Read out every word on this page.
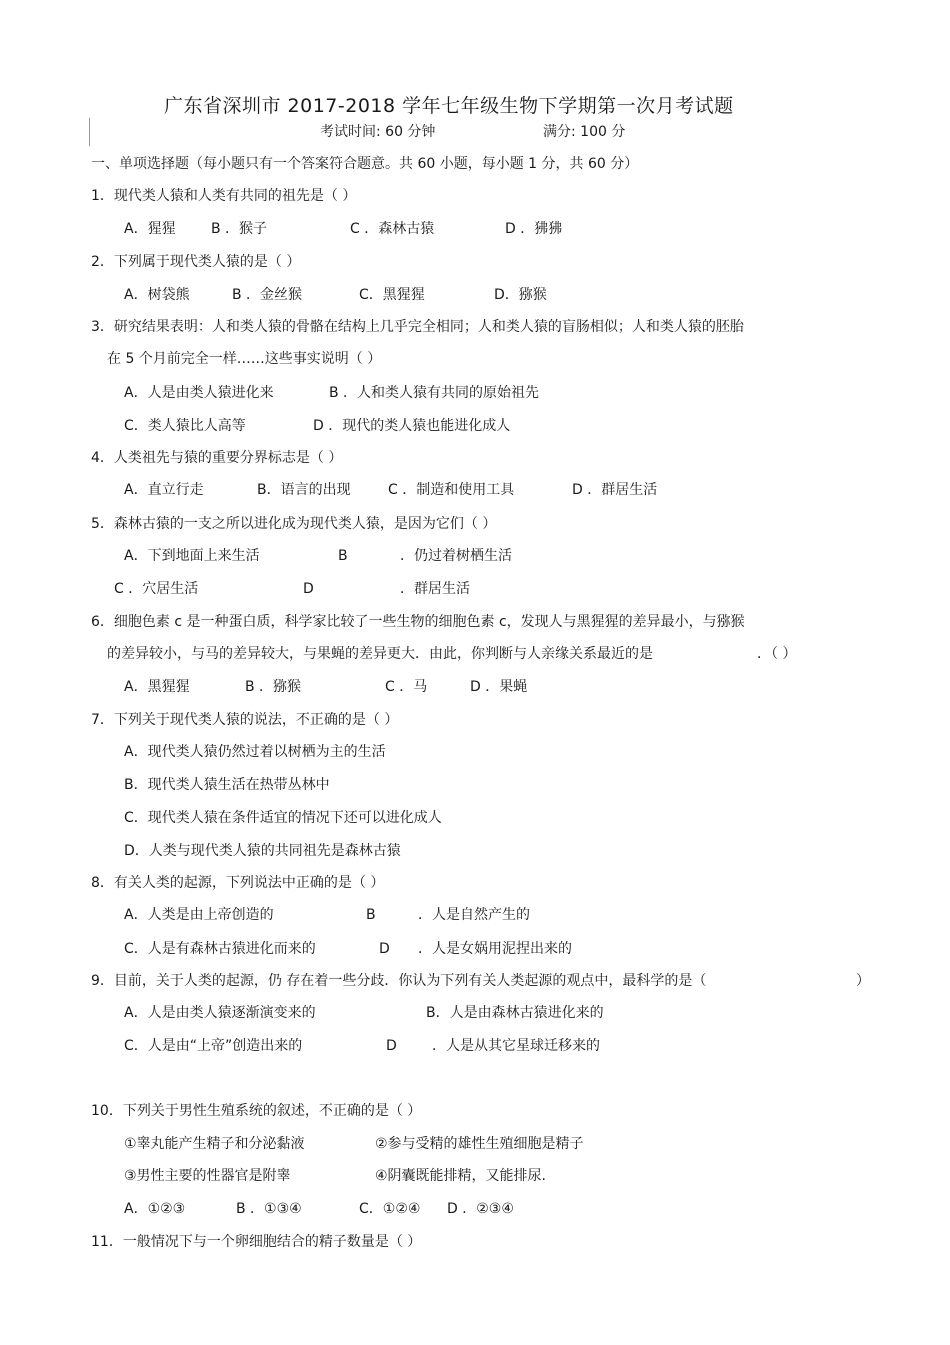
广东省深圳市 2017-2018 学年七年级生物下学期第一次月考试题
考试时间: 60 分钟	满分: 100 分
一、单项选择题（每小题只有一个答案符合题意。共 60 小题，每小题 1 分，共 60 分）
1．现代类人猿和人类有共同的祖先是（ ）
A．猩猩	B ．猴子	C ．森林古猿	D ．狒狒
2．下列属于现代类人猿的是（ ）
A．树袋熊	B ．金丝猴	C．黑猩猩	D．猕猴
3．研究结果表明：人和类人猿的骨骼在结构上几乎完全相同；人和类人猿的盲肠相似；人和类人猿的胚胎
在 5 个月前完全一样……这些事实说明（ ）
A．人是由类人猿进化来	B ．人和类人猿有共同的原始祖先
C．类人猿比人高等	D ．现代的类人猿也能进化成人
4．人类祖先与猿的重要分界标志是（ ）
A．直立行走	B．语言的出现	C ．制造和使用工具	D ．群居生活
5．森林古猿的一支之所以进化成为现代类人猿，是因为它们（ ）
A．下到地面上来生活	B	．仍过着树栖生活
C ．穴居生活	D	．群居生活
6．细胞色素 c 是一种蛋白质，科学家比较了一些生物的细胞色素 c，发现人与黑猩猩的差异最小，与猕猴
的差异较小，与马的差异较大，与果蝇的差异更大．由此，你判断与人亲缘关系最近的是	．（ ）
A．黑猩猩	B ．猕猴	C ．马	D ．果蝇
7．下列关于现代类人猿的说法，不正确的是（ ）
A．现代类人猿仍然过着以树栖为主的生活
B．现代类人猿生活在热带丛林中
C．现代类人猿在条件适宜的情况下还可以进化成人
D．人类与现代类人猿的共同祖先是森林古猿
8．有关人类的起源，下列说法中正确的是（ ）
A．人类是由上帝创造的	B	．人是自然产生的
C．人是有森林古猿进化而来的	D ．人是女娲用泥捏出来的
9．目前，关于人类的起源，仍 存在着一些分歧．你认为下列有关人类起源的观点中，最科学的是（	）
A．人是由类人猿逐渐演变来的	B．人是由森林古猿进化来的
C．人是由“上帝”创造出来的	D	．人是从其它星球迁移来的
10．下列关于男性生殖系统的叙述，不正确的是（ ）
①睾丸能产生精子和分泌黏液	②参与受精的雄性生殖细胞是精子
③男性主要的性器官是附睾	④阴囊既能排精，又能排尿.
A．①②③	B ．①③④	C．①②④ D ．②③④
11．一般情况下与一个卵细胞结合的精子数量是（ ）
